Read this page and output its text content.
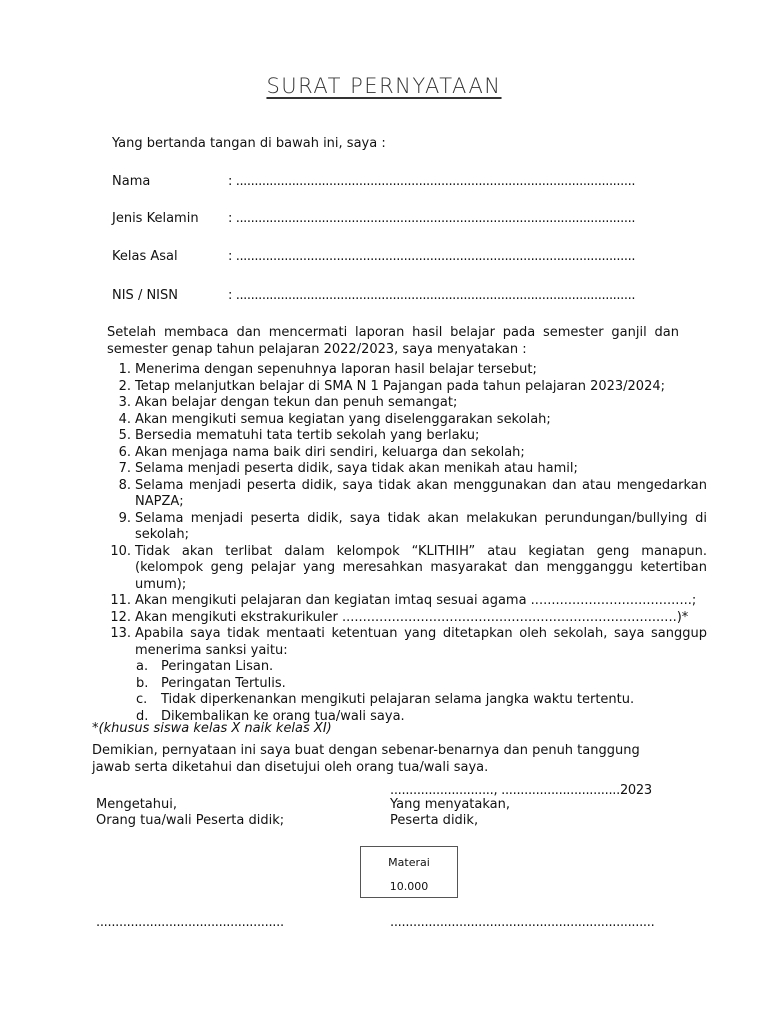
SURAT PERNYATAAN
Yang bertanda tangan di bawah ini, saya :
Nama	: ...........................................................................................................
Jenis Kelamin : ...........................................................................................................
Kelas Asal	: ...........................................................................................................
NIS / NISN	: ...........................................................................................................
Setelah membaca dan mencermati laporan hasil belajar pada semester ganjil dan semester genap tahun pelajaran 2022/2023, saya menyatakan :
1. Menerima dengan sepenuhnya laporan hasil belajar tersebut;
2. Tetap melanjutkan belajar di SMA N 1 Pajangan pada tahun pelajaran 2023/2024;
3. Akan belajar dengan tekun dan penuh semangat;
4. Akan mengikuti semua kegiatan yang diselenggarakan sekolah;
5. Bersedia mematuhi tata tertib sekolah yang berlaku;
6. Akan menjaga nama baik diri sendiri, keluarga dan sekolah;
7. Selama menjadi peserta didik, saya tidak akan menikah atau hamil;
8. Selama menjadi peserta didik, saya tidak akan menggunakan dan atau mengedarkan NAPZA;
9. Selama menjadi peserta didik, saya tidak akan melakukan perundungan/bullying di sekolah;
10. Tidak akan terlibat dalam kelompok “KLITHIH” atau kegiatan geng manapun. (kelompok geng pelajar yang meresahkan masyarakat dan mengganggu ketertiban umum);
11. Akan mengikuti pelajaran dan kegiatan imtaq sesuai agama .......................................;
12. Akan mengikuti ekstrakurikuler .................................................................................)*
13. Apabila saya tidak mentaati ketentuan yang ditetapkan oleh sekolah, saya sanggup menerima sanksi yaitu:
a. Peringatan Lisan.
b. Peringatan Tertulis.
c.	Tidak diperkenankan mengikuti pelajaran selama jangka waktu tertentu.
d. Dikembalikan ke orang tua/wali saya.
*(khusus siswa kelas X naik kelas XI)
Demikian, pernyataan ini saya buat dengan sebenar-benarnya dan penuh tanggung jawab serta diketahui dan disetujui oleh orang tua/wali saya.
..........................., ...............................2023
Mengetahui,
Orang tua/wali Peserta didik;
Yang menyatakan,
Peserta didik,
Materai
10.000
.................................................	.....................................................................
